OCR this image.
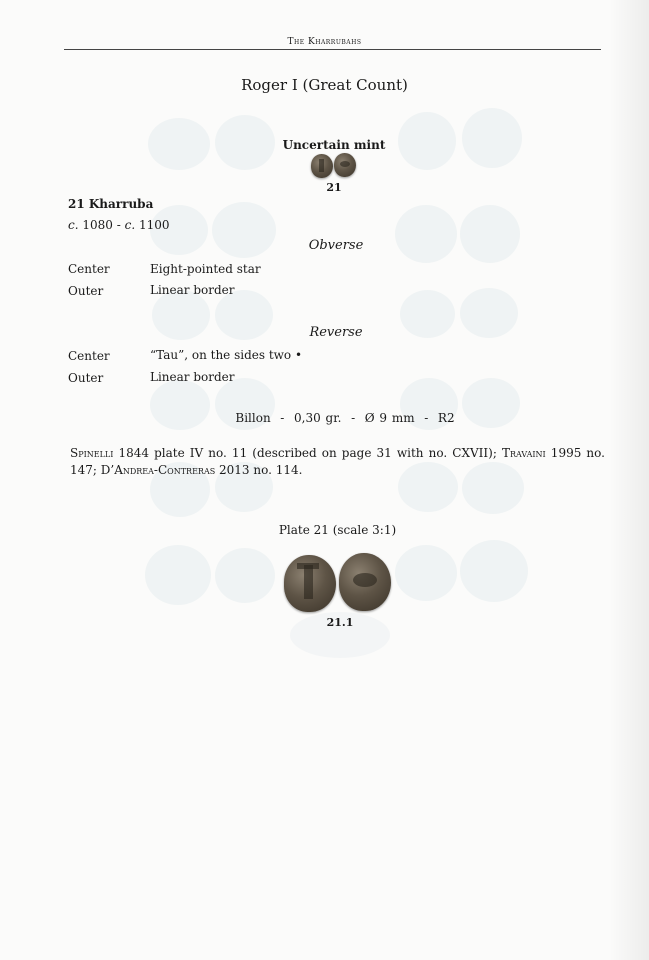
The Kharrubahs
Roger I (Great Count)
Uncertain mint
21
21 Kharruba
c. 1080 - c. 1100
Obverse
Center	Eight-pointed star
Outer	Linear border
Reverse
Center	“Tau”, on the sides two •
Outer	Linear border
Billon  -  0,30 gr.  -  Ø 9 mm  -  R2
Spinelli 1844 plate IV no. 11 (described on page 31 with no. CXVII); Travaini 1995 no. 147; D’Andrea-Contreras 2013 no. 114.
Plate 21 (scale 3:1)
21.1
